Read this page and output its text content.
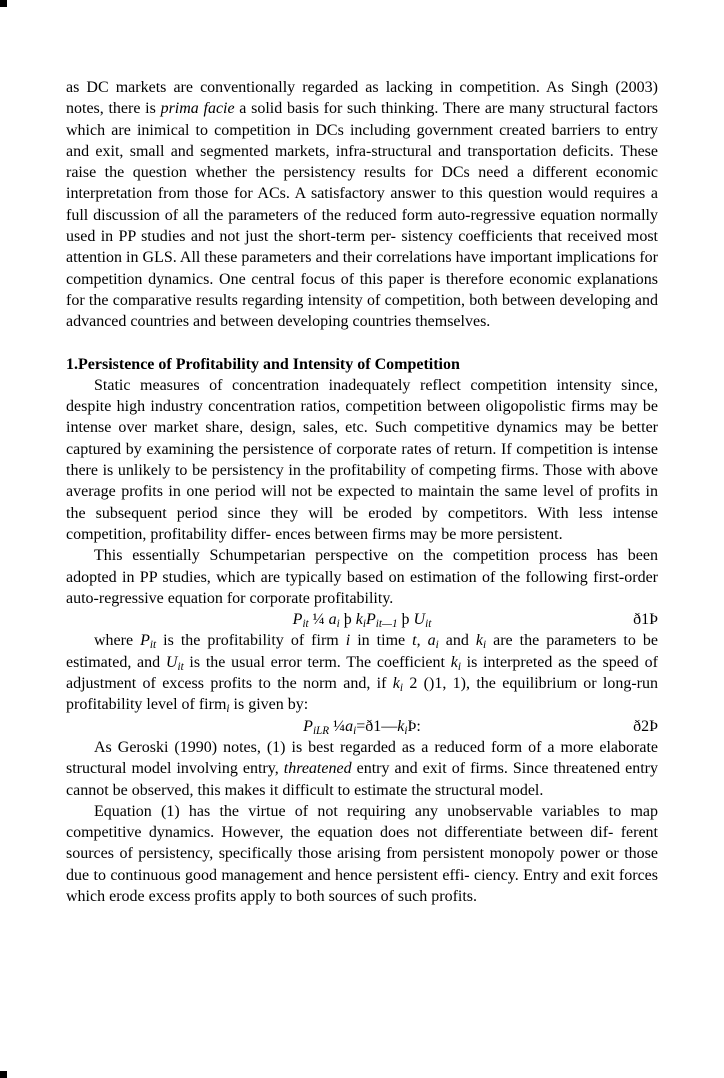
as DC markets are conventionally regarded as lacking in competition. As Singh (2003) notes, there is prima facie a solid basis for such thinking. There are many structural factors which are inimical to competition in DCs including government created barriers to entry and exit, small and segmented markets, infra-structural and transportation deficits. These raise the question whether the persistency results for DCs need a different economic interpretation from those for ACs. A satisfactory answer to this question would requires a full discussion of all the parameters of the reduced form auto-regressive equation normally used in PP studies and not just the short-term per- sistency coefficients that received most attention in GLS. All these parameters and their correlations have important implications for competition dynamics. One central focus of this paper is therefore economic explanations for the comparative results regarding intensity of competition, both between developing and advanced countries and between developing countries themselves.

1.Persistence of Profitability and Intensity of Competition

Static measures of concentration inadequately reflect competition intensity since, despite high industry concentration ratios, competition between oligopolistic firms may be intense over market share, design, sales, etc. Such competitive dynamics may be better captured by examining the persistence of corporate rates of return. If competition is intense there is unlikely to be persistency in the profitability of competing firms. Those with above average profits in one period will not be expected to maintain the same level of profits in the subsequent period since they will be eroded by competitors. With less intense competition, profitability differ- ences between firms may be more persistent.

This essentially Schumpetarian perspective on the competition process has been adopted in PP studies, which are typically based on estimation of the following first-order auto-regressive equation for corporate profitability.

$P_{it}$ ¼ $a_i$ þ $k_iP_{it—1}$ þ $U_{it}$	ð1Þ

where $P_{it}$ is the profitability of firm i in time t, $a_i$ and $k_i$ are the parameters to be estimated, and $U_{it}$ is the usual error term. The coefficient $k_i$ is interpreted as the speed of adjustment of excess profits to the norm and, if $k_i$ 2 ()1, 1), the equilibrium or long-run profitability level of firm$_i$ is given by:

$P_{iLR}$ $\frac{1}{4}a_i=ð1—k_iÞ$:	ð2Þ

As Geroski (1990) notes, (1) is best regarded as a reduced form of a more elaborate structural model involving entry, threatened entry and exit of firms. Since threatened entry cannot be observed, this makes it difficult to estimate the structural model.

Equation (1) has the virtue of not requiring any unobservable variables to map competitive dynamics. However, the equation does not differentiate between dif- ferent sources of persistency, specifically those arising from persistent monopoly power or those due to continuous good management and hence persistent effi- ciency. Entry and exit forces which erode excess profits apply to both sources of such profits.
